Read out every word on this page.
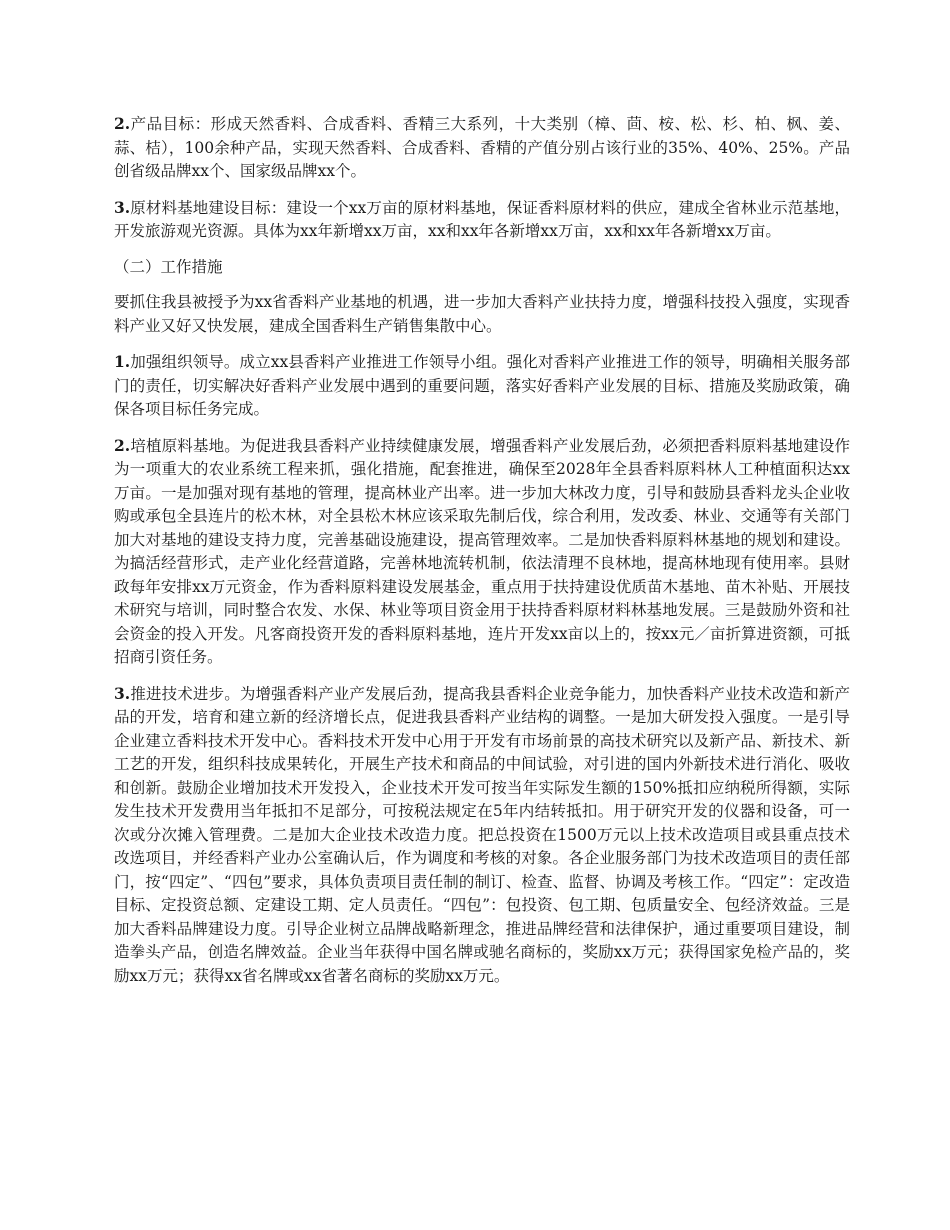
2.产品目标：形成天然香料、合成香料、香精三大系列，十大类别（樟、茴、桉、松、杉、柏、枫、姜、蒜、桔），100余种产品，实现天然香料、合成香料、香精的产值分别占该行业的35%、40%、25%。产品创省级品牌xx个、国家级品牌xx个。

3.原材料基地建设目标：建设一个xx万亩的原材料基地，保证香料原材料的供应，建成全省林业示范基地，开发旅游观光资源。具体为xx年新增xx万亩，xx和xx年各新增xx万亩，xx和xx年各新增xx万亩。

（二）工作措施

要抓住我县被授予为xx省香料产业基地的机遇，进一步加大香料产业扶持力度，增强科技投入强度，实现香料产业又好又快发展，建成全国香料生产销售集散中心。

1.加强组织领导。成立xx县香料产业推进工作领导小组。强化对香料产业推进工作的领导，明确相关服务部门的责任，切实解决好香料产业发展中遇到的重要问题，落实好香料产业发展的目标、措施及奖励政策，确保各项目标任务完成。

2.培植原料基地。为促进我县香料产业持续健康发展，增强香料产业发展后劲，必须把香料原料基地建设作为一项重大的农业系统工程来抓，强化措施，配套推进，确保至2028年全县香料原料林人工种植面积达xx万亩。一是加强对现有基地的管理，提高林业产出率。进一步加大林改力度，引导和鼓励县香料龙头企业收购或承包全县连片的松木林，对全县松木林应该采取先制后伐，综合利用，发改委、林业、交通等有关部门加大对基地的建设支持力度，完善基础设施建设，提高管理效率。二是加快香料原料林基地的规划和建设。为搞活经营形式，走产业化经营道路，完善林地流转机制，依法清理不良林地，提高林地现有使用率。县财政每年安排xx万元资金，作为香料原料建设发展基金，重点用于扶持建设优质苗木基地、苗木补贴、开展技术研究与培训，同时整合农发、水保、林业等项目资金用于扶持香料原材料林基地发展。三是鼓励外资和社会资金的投入开发。凡客商投资开发的香料原料基地，连片开发xx亩以上的，按xx元／亩折算进资额，可抵招商引资任务。

3.推进技术进步。为增强香料产业产发展后劲，提高我县香料企业竞争能力，加快香料产业技术改造和新产品的开发，培育和建立新的经济增长点，促进我县香料产业结构的调整。一是加大研发投入强度。一是引导企业建立香料技术开发中心。香料技术开发中心用于开发有市场前景的高技术研究以及新产品、新技术、新工艺的开发，组织科技成果转化，开展生产技术和商品的中间试验，对引进的国内外新技术进行消化、吸收和创新。鼓励企业增加技术开发投入，企业技术开发可按当年实际发生额的150%抵扣应纳税所得额，实际发生技术开发费用当年抵扣不足部分，可按税法规定在5年内结转抵扣。用于研究开发的仪器和设备，可一次或分次摊入管理费。二是加大企业技术改造力度。把总投资在1500万元以上技术改造项目或县重点技术改选项目，并经香料产业办公室确认后，作为调度和考核的对象。各企业服务部门为技术改造项目的责任部门，按“四定”、“四包”要求，具体负责项目责任制的制订、检查、监督、协调及考核工作。“四定”：定改造目标、定投资总额、定建设工期、定人员责任。“四包”：包投资、包工期、包质量安全、包经济效益。三是加大香料品牌建设力度。引导企业树立品牌战略新理念，推进品牌经营和法律保护，通过重要项目建设，制造拳头产品，创造名牌效益。企业当年获得中国名牌或驰名商标的，奖励xx万元；获得国家免检产品的，奖励xx万元；获得xx省名牌或xx省著名商标的奖励xx万元。
